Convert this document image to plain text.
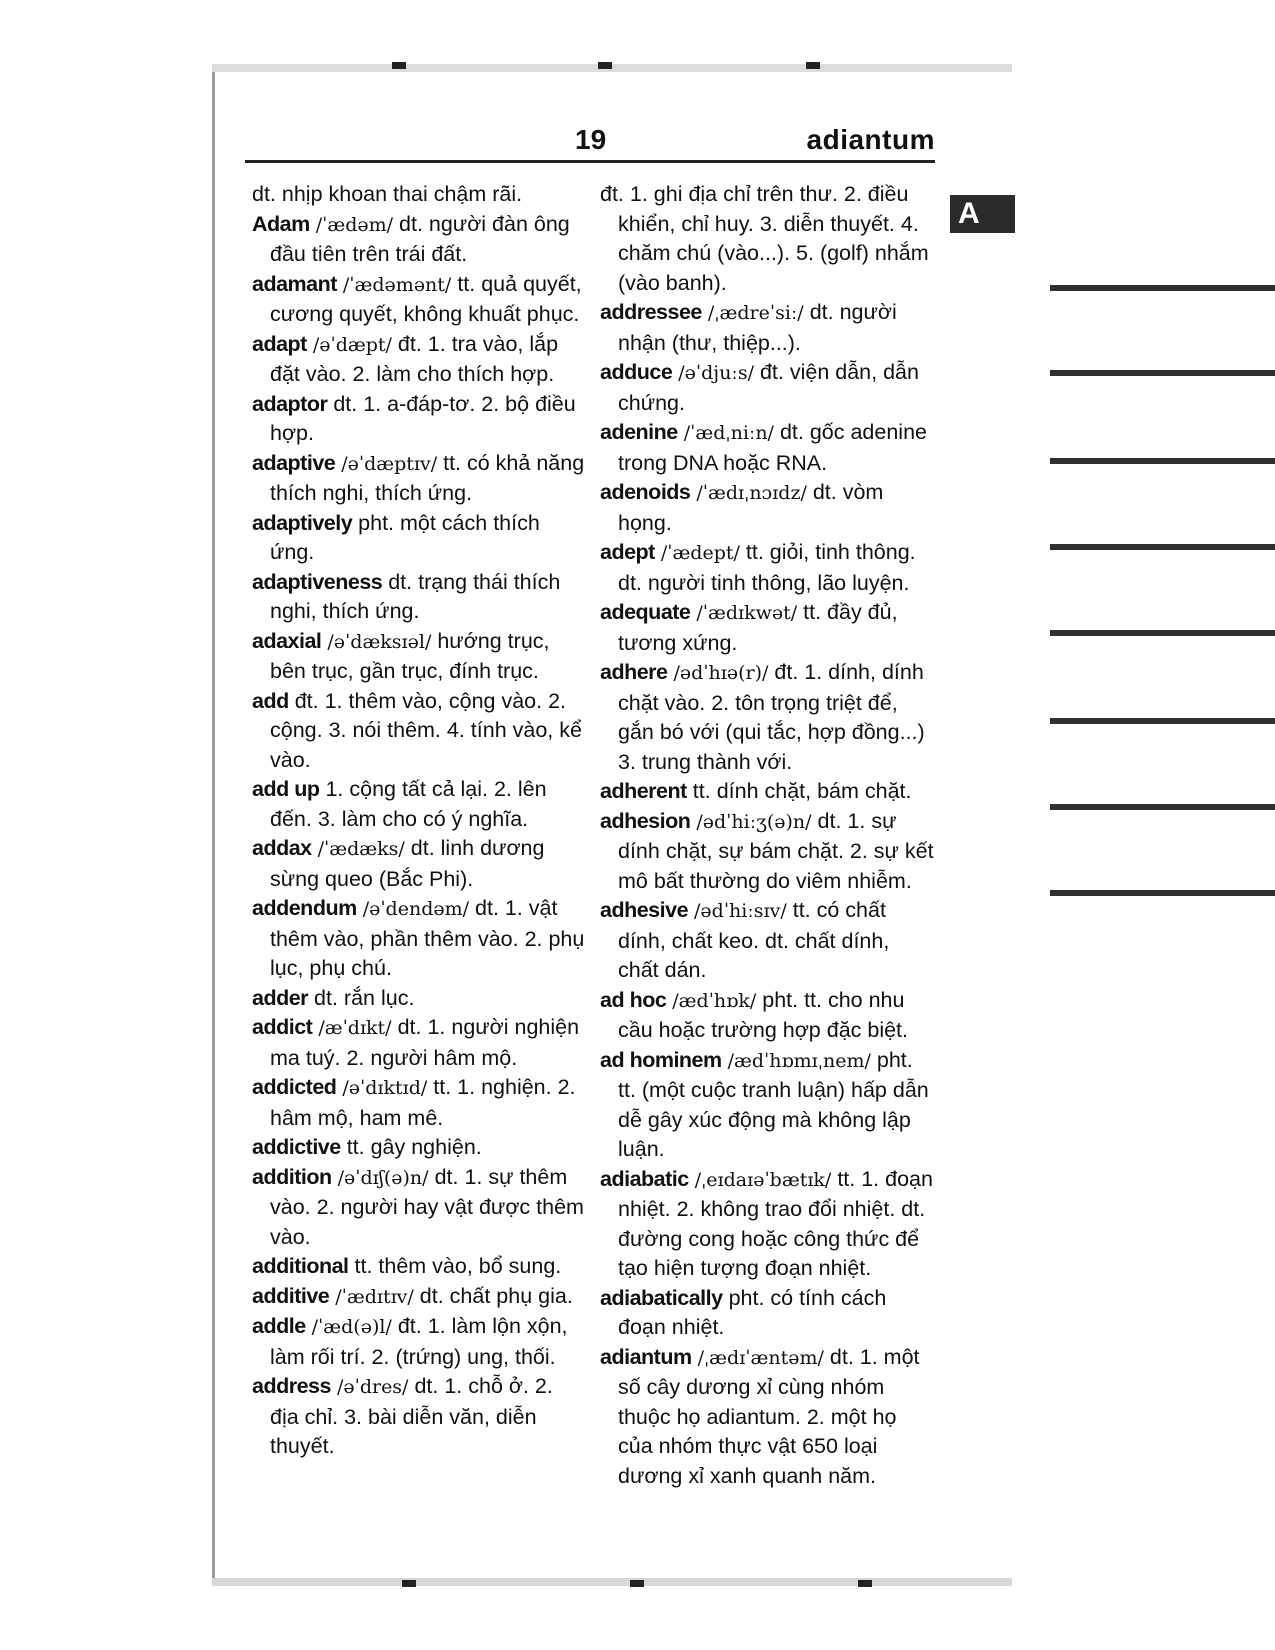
19	adiantum
A

dt. nhịp khoan thai chậm rãi.

Adam /ˈædəm/ dt. người đàn ông đầu tiên trên trái đất.

adamant /ˈædəmənt/ tt. quả quyết, cương quyết, không khuất phục.

adapt /əˈdæpt/ đt. 1. tra vào, lắp đặt vào. 2. làm cho thích hợp.

adaptor dt. 1. a-đáp-tơ. 2. bộ điều hợp.

adaptive /əˈdæptɪv/ tt. có khả năng thích nghi, thích ứng.

adaptively pht. một cách thích ứng.

adaptiveness dt. trạng thái thích nghi, thích ứng.

adaxial /əˈdæksɪəl/ hướng trục, bên trục, gần trục, đính trục.

add đt. 1. thêm vào, cộng vào. 2. cộng. 3. nói thêm. 4. tính vào, kể vào.

add up 1. cộng tất cả lại. 2. lên đến. 3. làm cho có ý nghĩa.

addax /ˈædæks/ dt. linh dương sừng queo (Bắc Phi).

addendum /əˈdendəm/ dt. 1. vật thêm vào, phần thêm vào. 2. phụ lục, phụ chú.

adder dt. rắn lục.

addict /æˈdɪkt/ dt. 1. người nghiện ma tuý. 2. người hâm mộ.

addicted /əˈdɪktɪd/ tt. 1. nghiện. 2. hâm mộ, ham mê.

addictive tt. gây nghiện.

addition /əˈdɪʃ(ə)n/ dt. 1. sự thêm vào. 2. người hay vật được thêm vào.

additional tt. thêm vào, bổ sung.

additive /ˈædɪtɪv/ dt. chất phụ gia.

addle /ˈæd(ə)l/ đt. 1. làm lộn xộn, làm rối trí. 2. (trứng) ung, thối.

address /əˈdres/ dt. 1. chỗ ở. 2. địa chỉ. 3. bài diễn văn, diễn thuyết.

đt. 1. ghi địa chỉ trên thư. 2. điều khiển, chỉ huy. 3. diễn thuyết. 4. chăm chú (vào...). 5. (golf) nhắm (vào banh).

addressee /ˌædreˈsiː/ dt. người nhận (thư, thiệp...).

adduce /əˈdjuːs/ đt. viện dẫn, dẫn chứng.

adenine /ˈædˌniːn/ dt. gốc adenine trong DNA hoặc RNA.

adenoids /ˈædɪˌnɔɪdz/ dt. vòm họng.

adept /ˈædept/ tt. giỏi, tinh thông. dt. người tinh thông, lão luyện.

adequate /ˈædɪkwət/ tt. đầy đủ, tương xứng.

adhere /ədˈhɪə(r)/ đt. 1. dính, dính chặt vào. 2. tôn trọng triệt để, gắn bó với (qui tắc, hợp đồng...) 3. trung thành với.

adherent tt. dính chặt, bám chặt.

adhesion /ədˈhiːʒ(ə)n/ dt. 1. sự dính chặt, sự bám chặt. 2. sự kết mô bất thường do viêm nhiễm.

adhesive /ədˈhiːsɪv/ tt. có chất dính, chất keo. dt. chất dính, chất dán.

ad hoc /ædˈhɒk/ pht. tt. cho nhu cầu hoặc trường hợp đặc biệt.

ad hominem /ædˈhɒmɪˌnem/ pht. tt. (một cuộc tranh luận) hấp dẫn dễ gây xúc động mà không lập luận.

adiabatic /ˌeɪdaɪəˈbætɪk/ tt. 1. đoạn nhiệt. 2. không trao đổi nhiệt. dt. đường cong hoặc công thức để tạo hiện tượng đoạn nhiệt.

adiabatically pht. có tính cách đoạn nhiệt.

adiantum /ˌædɪˈæntəm/ dt. 1. một số cây dương xỉ cùng nhóm thuộc họ adiantum. 2. một họ của nhóm thực vật 650 loại dương xỉ xanh quanh năm.
